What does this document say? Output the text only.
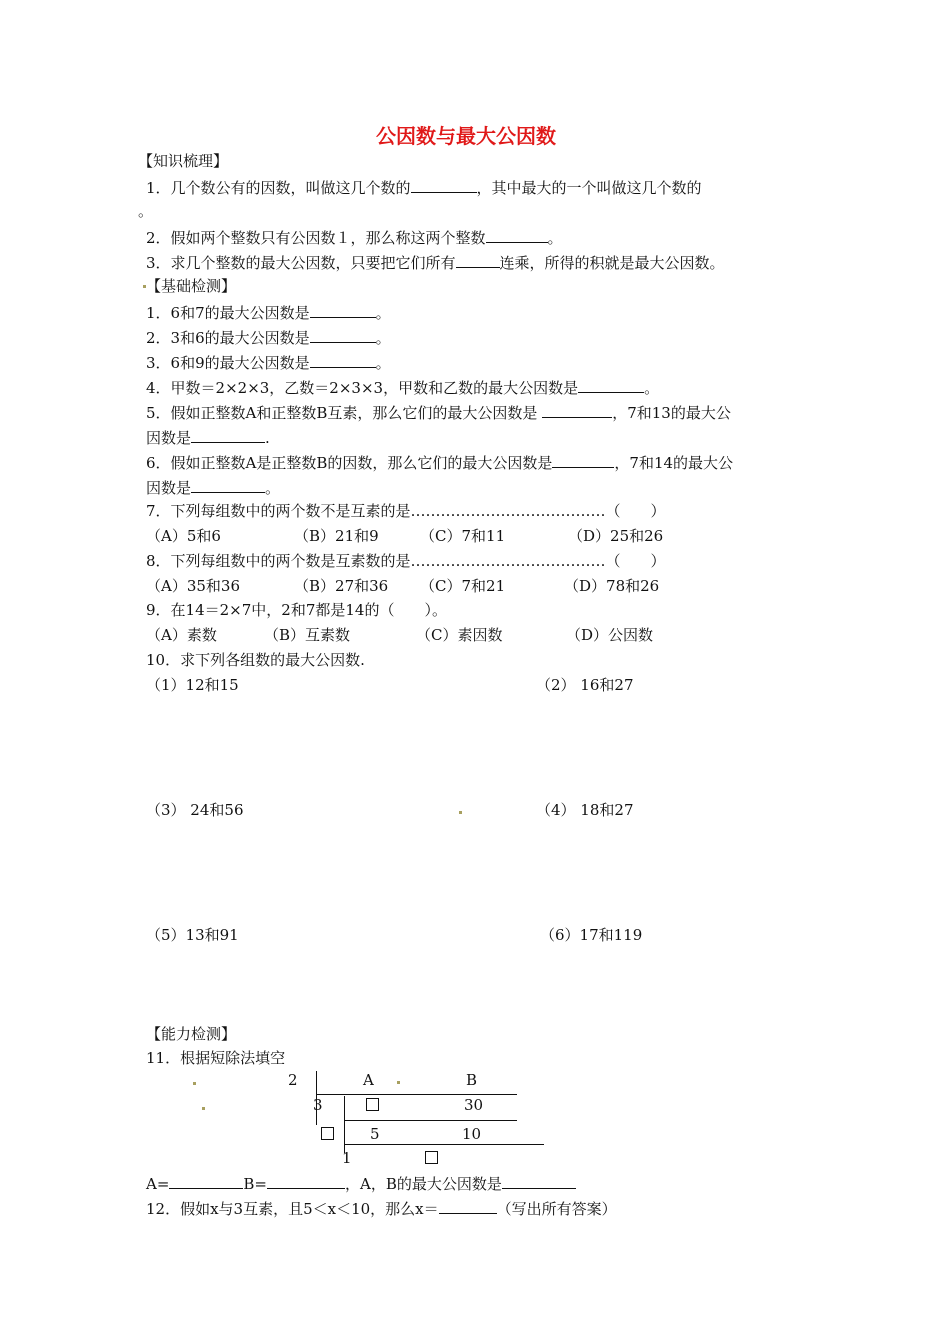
公因数与最大公因数
【知识梳理】
1．几个数公有的因数，叫做这几个数的	，其中最大的一个叫做这几个数的
。
2．假如两个整数只有公因数１，那么称这两个整数	。
3．求几个整数的最大公因数，只要把它们所有	连乘，所得的积就是最大公因数。
【基础检测】
1．6和7的最大公因数是	。
2．3和6的最大公因数是	。
3．6和9的最大公因数是	。
4．甲数＝2×2×3，乙数＝2×3×3，甲数和乙数的最大公因数是	。
5．假如正整数A和正整数B互素，那么它们的最大公因数是	，7和13的最大公
因数是	.
6．假如正整数A是正整数B的因数，那么它们的最大公因数是	，7和14的最大公
因数是	。
7．下列每组数中的两个数不是互素的是…………………………………（　　）
（A）5和6	（B）21和9	（C）7和11	（D）25和26
8．下列每组数中的两个数是互素数的是…………………………………（　　）
（A）35和36	（B）27和36 （C）7和21	（D）78和26
9．在14＝2×7中，2和7都是14的（　　）。
（A）素数	（B）互素数	（C）素因数	（D）公因数
10．求下列各组数的最大公因数.
（1）12和15	（2） 16和27
（3） 24和56	（4） 18和27
（5）13和91	（6）17和119
【能力检测】
11．根据短除法填空
2	A	B
3	30
5	10
1
A=	B=	，A，B的最大公因数是
12．假如x与3互素，且5＜x＜10，那么x＝	（写出所有答案）
